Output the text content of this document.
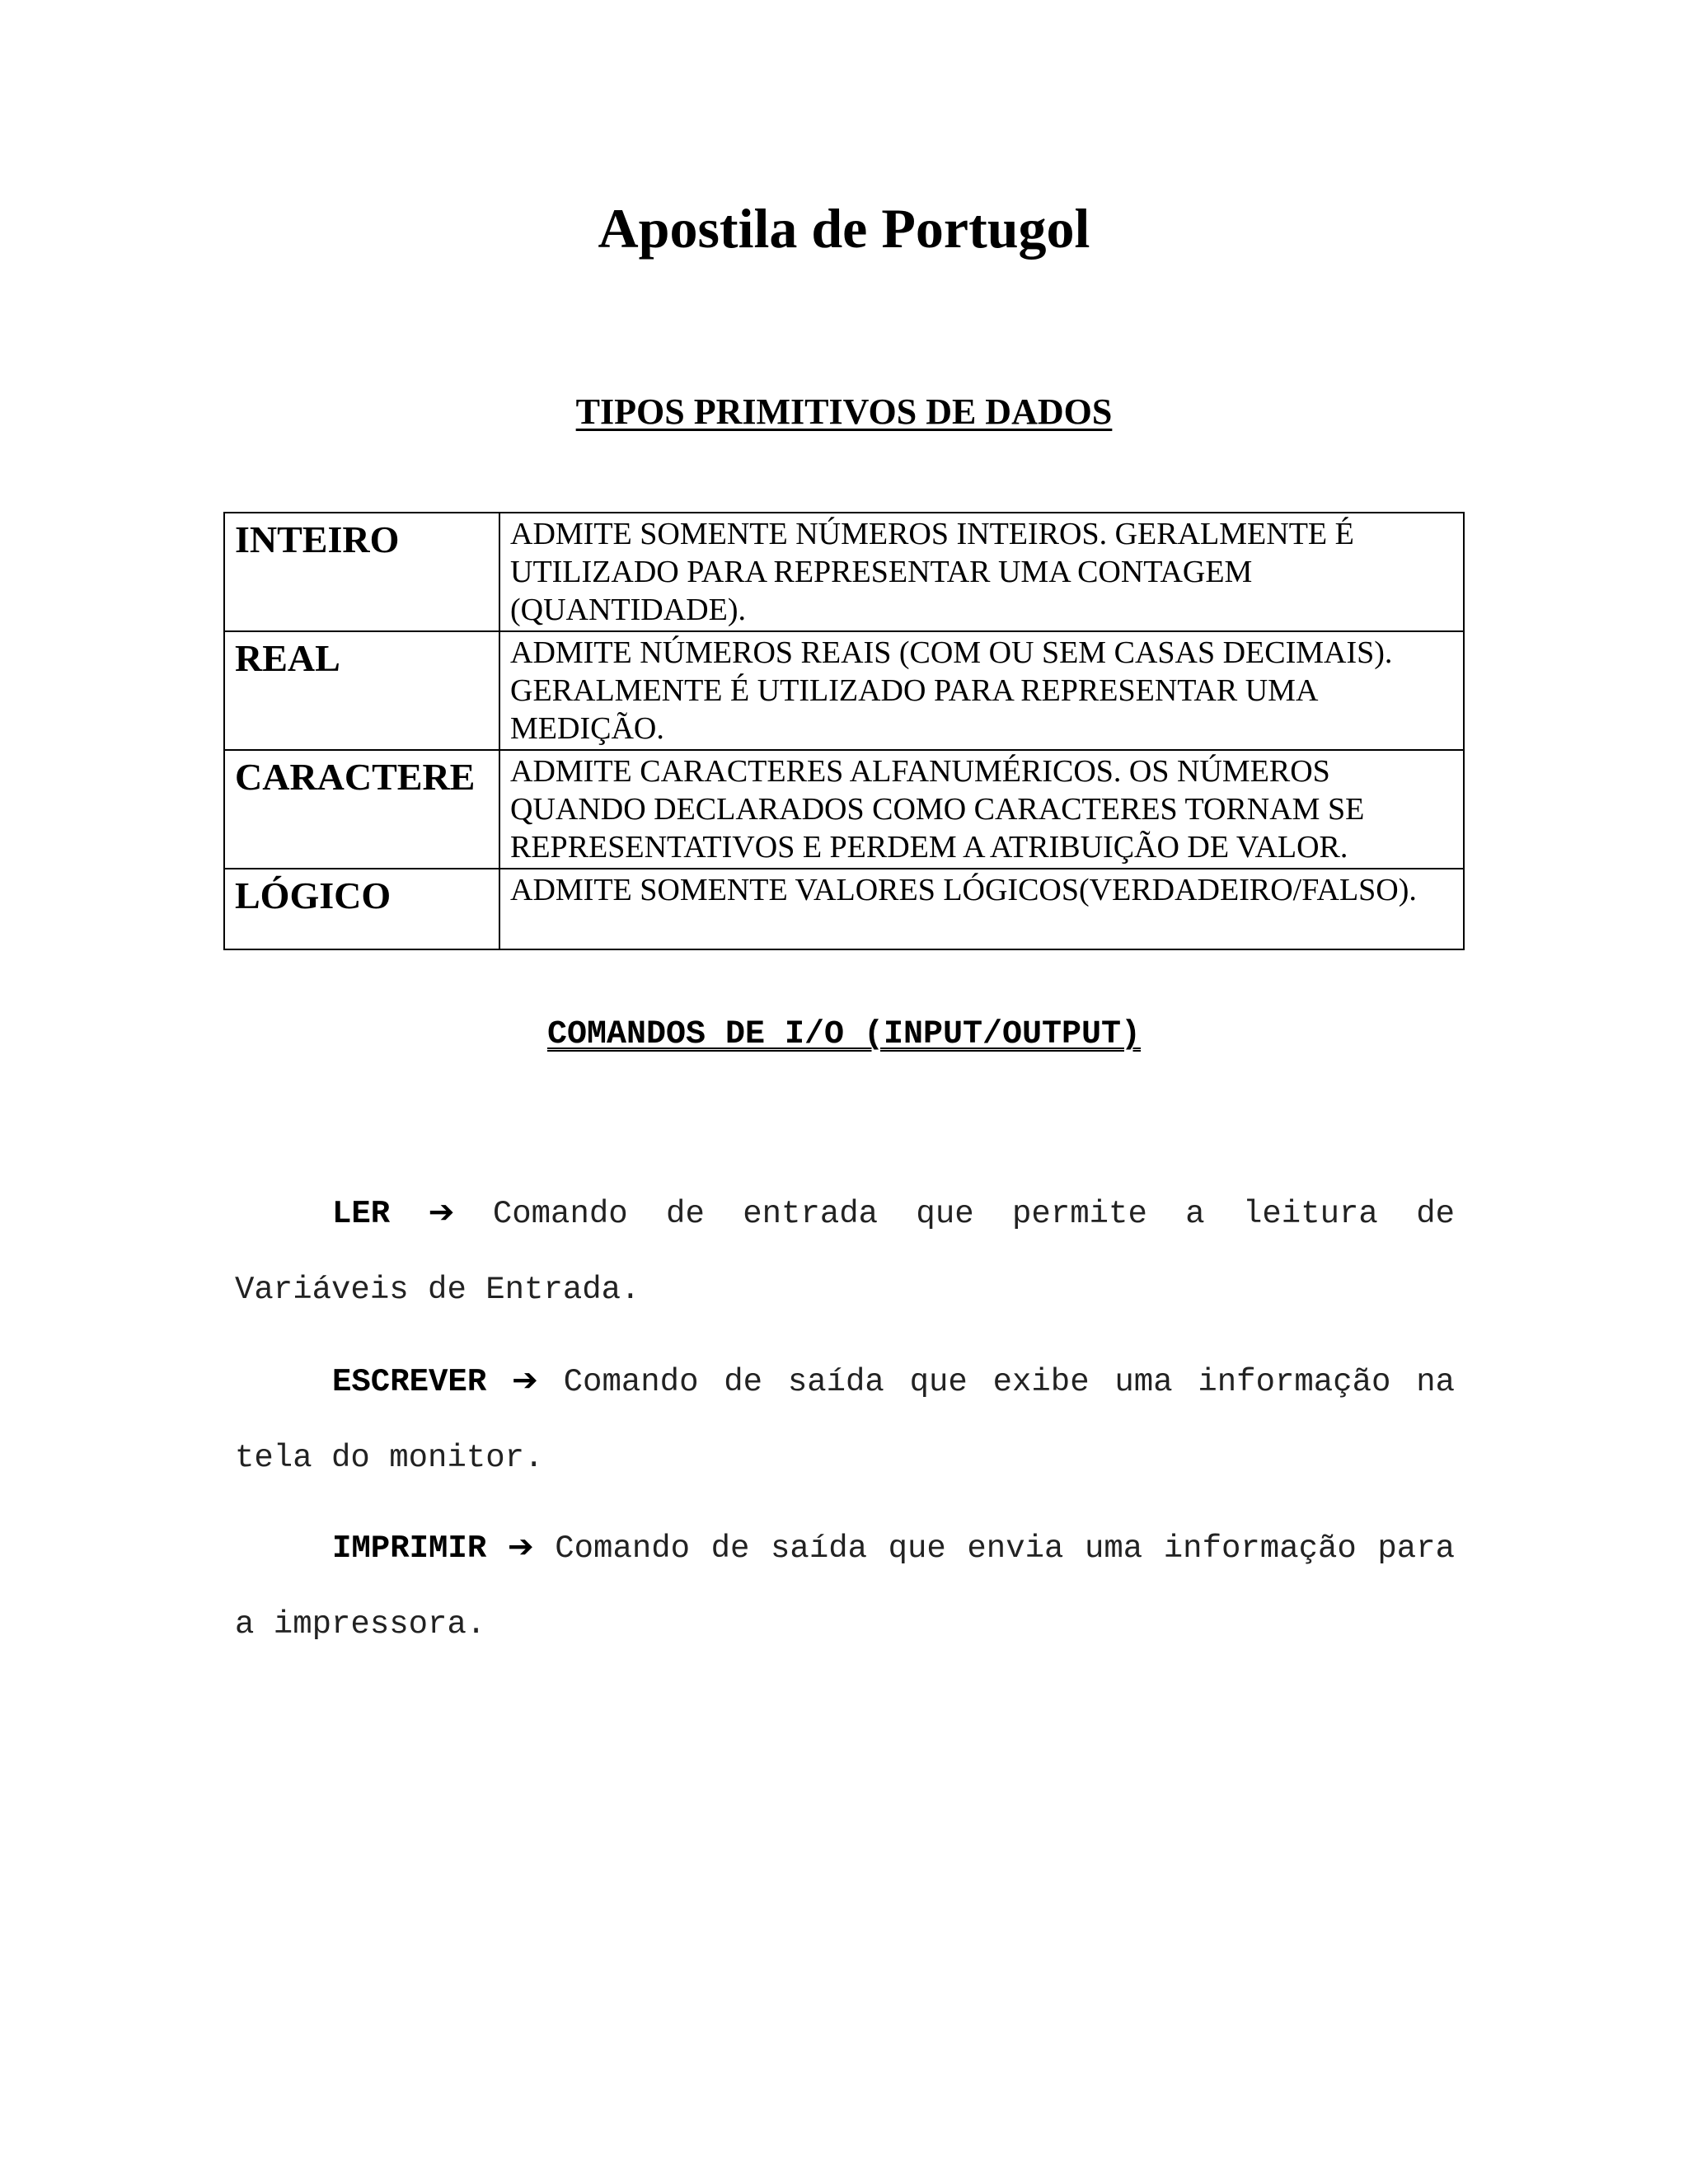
Apostila de Portugol
TIPOS PRIMITIVOS DE DADOS
INTEIRO	ADMITE SOMENTE NÚMEROS INTEIROS. GERALMENTE É UTILIZADO PARA REPRESENTAR UMA CONTAGEM (QUANTIDADE).
REAL	ADMITE NÚMEROS REAIS (COM OU SEM CASAS DECIMAIS). GERALMENTE É UTILIZADO PARA REPRESENTAR UMA MEDIÇÃO.
CARACTERE	ADMITE CARACTERES ALFANUMÉRICOS. OS NÚMEROS QUANDO DECLARADOS COMO CARACTERES TORNAM SE REPRESENTATIVOS E PERDEM A ATRIBUIÇÃO DE VALOR.
LÓGICO	ADMITE SOMENTE VALORES LÓGICOS(VERDADEIRO/FALSO).
COMANDOS DE I/O (INPUT/OUTPUT)

LER ➔ Comando de entrada que permite a leitura de Variáveis de Entrada.

ESCREVER ➔ Comando de saída que exibe uma informação na tela do monitor.

IMPRIMIR ➔ Comando de saída que envia uma informação para a impressora.
